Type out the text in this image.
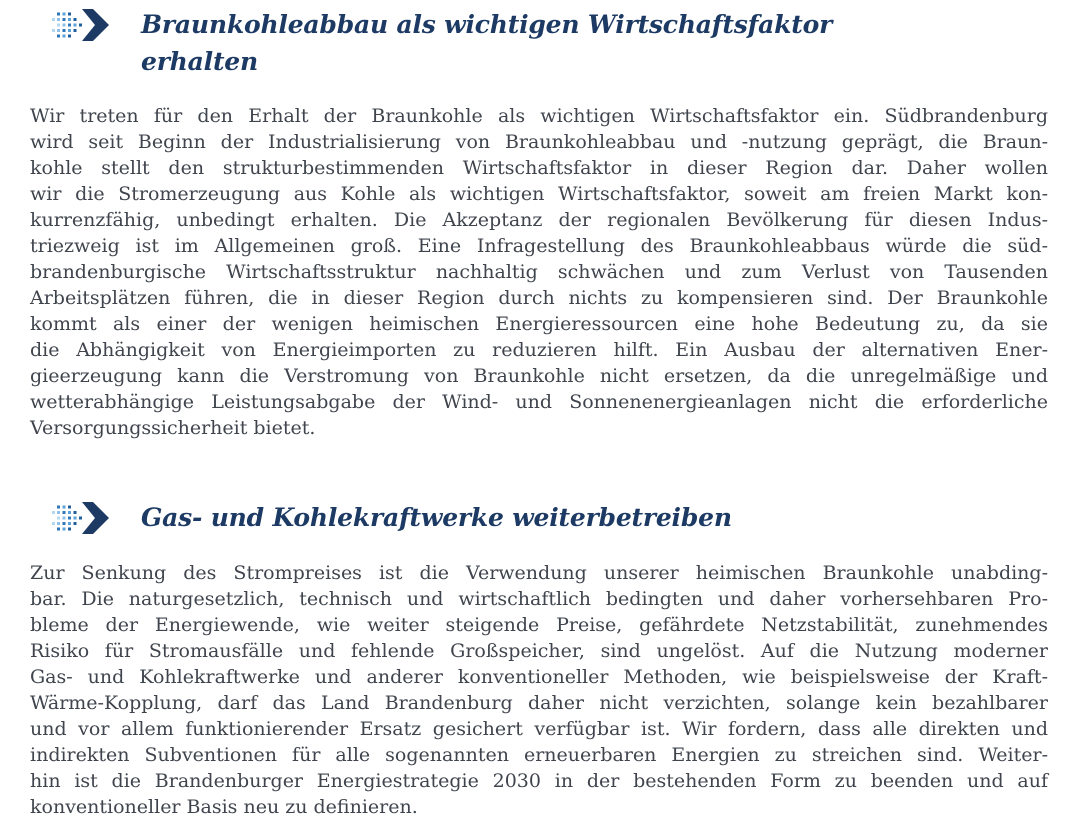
Braunkohleabbau als wichtigen Wirtschaftsfaktor
erhalten
Wir treten für den Erhalt der Braunkohle als wichtigen Wirtschaftsfaktor ein. Südbrandenburg
wird seit Beginn der Industrialisierung von Braunkohleabbau und -nutzung geprägt, die Braun-
kohle stellt den strukturbestimmenden Wirtschaftsfaktor in dieser Region dar. Daher wollen
wir die Stromerzeugung aus Kohle als wichtigen Wirtschaftsfaktor, soweit am freien Markt kon-
kurrenzfähig, unbedingt erhalten. Die Akzeptanz der regionalen Bevölkerung für diesen Indus-
triezweig ist im Allgemeinen groß. Eine Infragestellung des Braunkohleabbaus würde die süd-
brandenburgische Wirtschaftsstruktur nachhaltig schwächen und zum Verlust von Tausenden
Arbeitsplätzen führen, die in dieser Region durch nichts zu kompensieren sind. Der Braunkohle
kommt als einer der wenigen heimischen Energieressourcen eine hohe Bedeutung zu, da sie
die Abhängigkeit von Energieimporten zu reduzieren hilft. Ein Ausbau der alternativen Ener-
gieerzeugung kann die Verstromung von Braunkohle nicht ersetzen, da die unregelmäßige und
wetterabhängige Leistungsabgabe der Wind- und Sonnenenergieanlagen nicht die erforderliche
Versorgungssicherheit bietet.
Gas- und Kohlekraftwerke weiterbetreiben
Zur Senkung des Strompreises ist die Verwendung unserer heimischen Braunkohle unabding-
bar. Die naturgesetzlich, technisch und wirtschaftlich bedingten und daher vorhersehbaren Pro-
bleme der Energiewende, wie weiter steigende Preise, gefährdete Netzstabilität, zunehmendes
Risiko für Stromausfälle und fehlende Großspeicher, sind ungelöst. Auf die Nutzung moderner
Gas- und Kohlekraftwerke und anderer konventioneller Methoden, wie beispielsweise der Kraft-
Wärme-Kopplung, darf das Land Brandenburg daher nicht verzichten, solange kein bezahlbarer
und vor allem funktionierender Ersatz gesichert verfügbar ist. Wir fordern, dass alle direkten und
indirekten Subventionen für alle sogenannten erneuerbaren Energien zu streichen sind. Weiter-
hin ist die Brandenburger Energiestrategie 2030 in der bestehenden Form zu beenden und auf
konventioneller Basis neu zu definieren.
